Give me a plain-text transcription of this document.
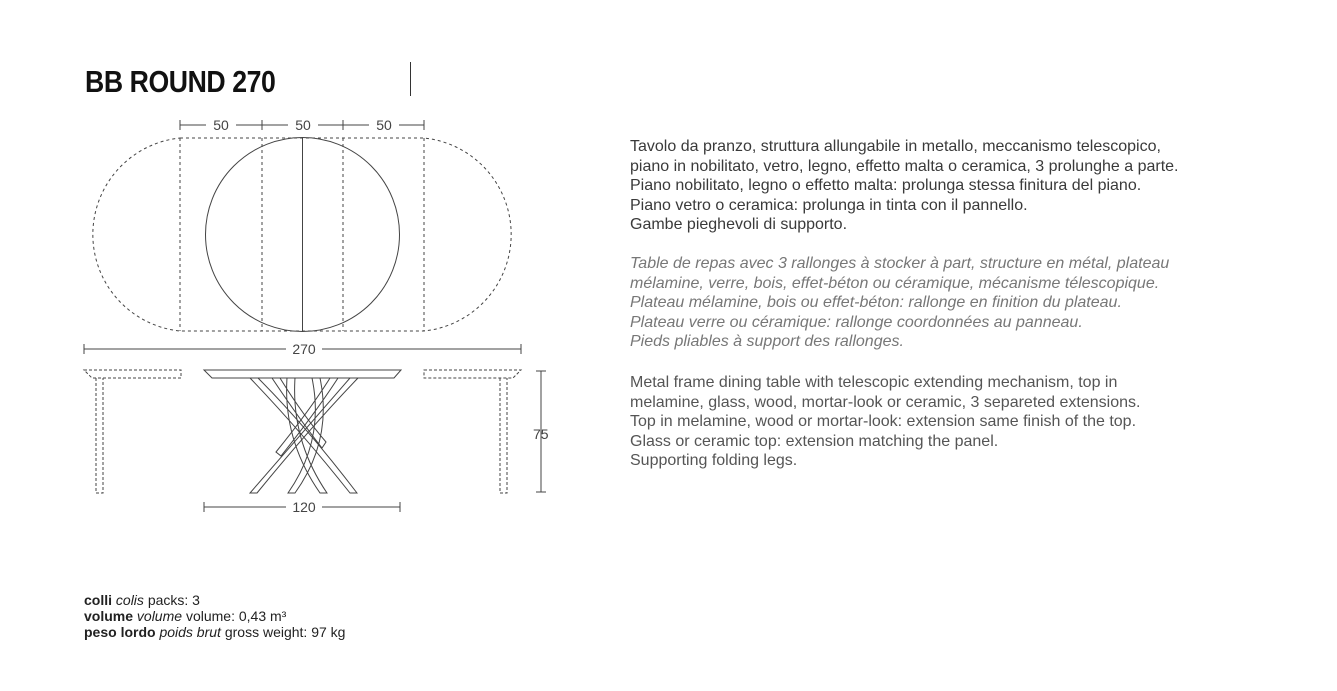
BB ROUND 270
50	50	50
270
75
120

Tavolo da pranzo, struttura allungabile in metallo, meccanismo telescopico,

piano in nobilitato, vetro, legno, effetto malta o ceramica, 3 prolunghe a parte.

Piano nobilitato, legno o effetto malta: prolunga stessa finitura del piano.

Piano vetro o ceramica: prolunga in tinta con il pannello.

Gambe pieghevoli di supporto.

Table de repas avec 3 rallonges à stocker à part, structure en métal, plateau

mélamine, verre, bois, effet-béton ou céramique, mécanisme télescopique.

Plateau mélamine, bois ou effet-béton: rallonge en finition du plateau.

Plateau verre ou céramique: rallonge coordonnées au panneau.

Pieds pliables à support des rallonges.

Metal frame dining table with telescopic extending mechanism, top in

melamine, glass, wood, mortar-look or ceramic, 3 separeted extensions.

Top in melamine, wood or mortar-look: extension same finish of the top.

Glass or ceramic top: extension matching the panel.

Supporting folding legs.

colli colis packs: 3

volume volume volume: 0,43 m³

peso lordo poids brut gross weight: 97 kg
